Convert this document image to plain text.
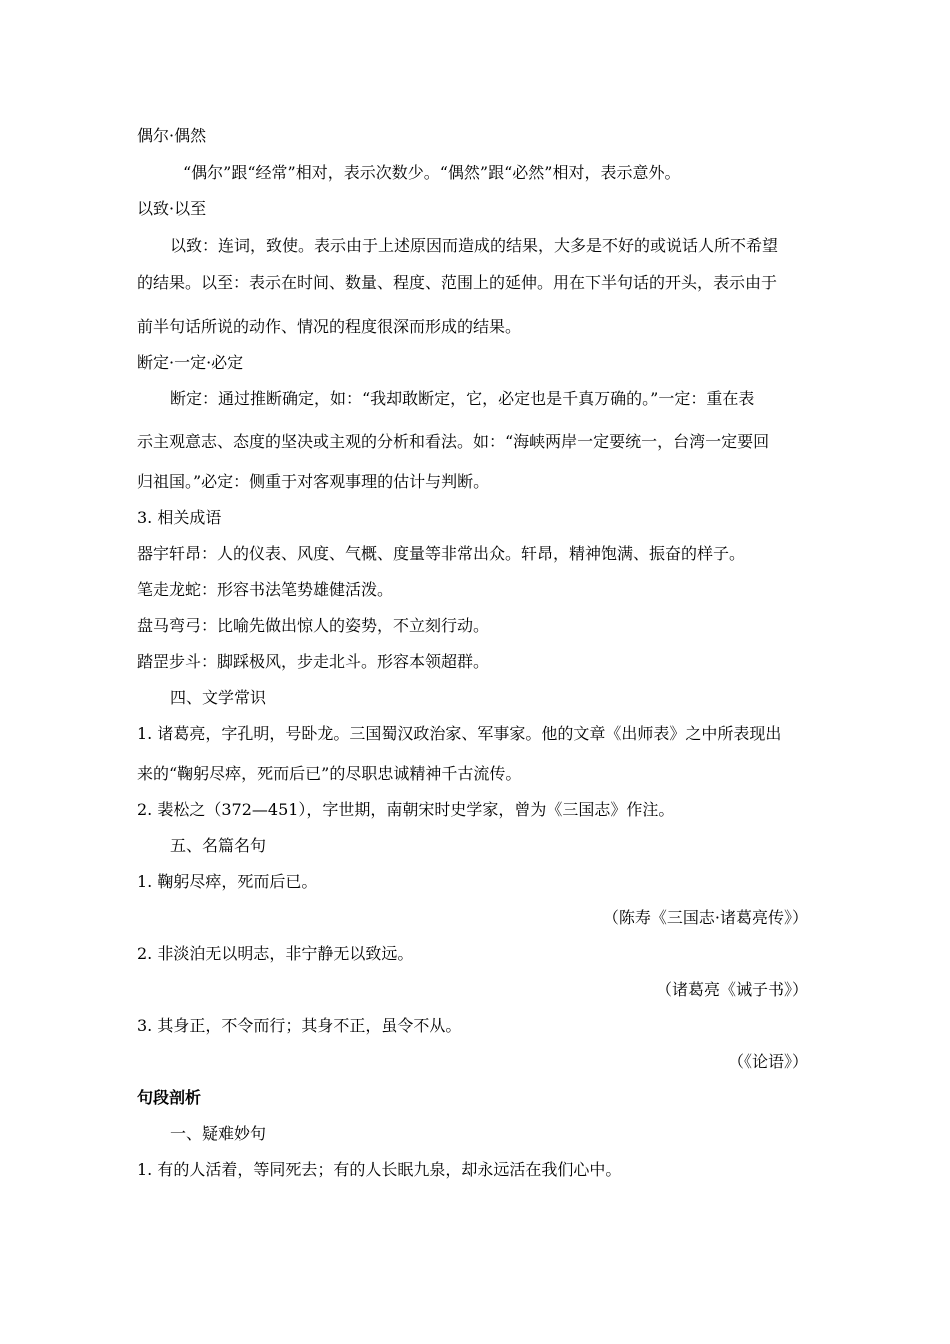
偶尔·偶然
“偶尔”跟“经常”相对，表示次数少。“偶然”跟“必然”相对，表示意外。
以致·以至
以致：连词，致使。表示由于上述原因而造成的结果，大多是不好的或说话人所不希望
的结果。以至：表示在时间、数量、程度、范围上的延伸。用在下半句话的开头，表示由于
前半句话所说的动作、情况的程度很深而形成的结果。
断定·一定·必定
断定：通过推断确定，如：“我却敢断定，它，必定也是千真万确的。”一定：重在表
示主观意志、态度的坚决或主观的分析和看法。如：“海峡两岸一定要统一，台湾一定要回
归祖国。”必定：侧重于对客观事理的估计与判断。
3. 相关成语
器宇轩昂：人的仪表、风度、气概、度量等非常出众。轩昂，精神饱满、振奋的样子。
笔走龙蛇：形容书法笔势雄健活泼。
盘马弯弓：比喻先做出惊人的姿势，不立刻行动。
踏罡步斗：脚踩极风，步走北斗。形容本领超群。
四、文学常识
1. 诸葛亮，字孔明，号卧龙。三国蜀汉政治家、军事家。他的文章《出师表》之中所表现出
来的“鞠躬尽瘁，死而后已”的尽职忠诚精神千古流传。
2. 裴松之（372—451），字世期，南朝宋时史学家，曾为《三国志》作注。
五、名篇名句
1. 鞠躬尽瘁，死而后已。
（陈寿《三国志·诸葛亮传》）
2. 非淡泊无以明志，非宁静无以致远。
（诸葛亮《诫子书》）
3. 其身正，不令而行；其身不正，虽令不从。
（《论语》）
句段剖析
一、疑难妙句
1. 有的人活着，等同死去；有的人长眠九泉，却永远活在我们心中。
